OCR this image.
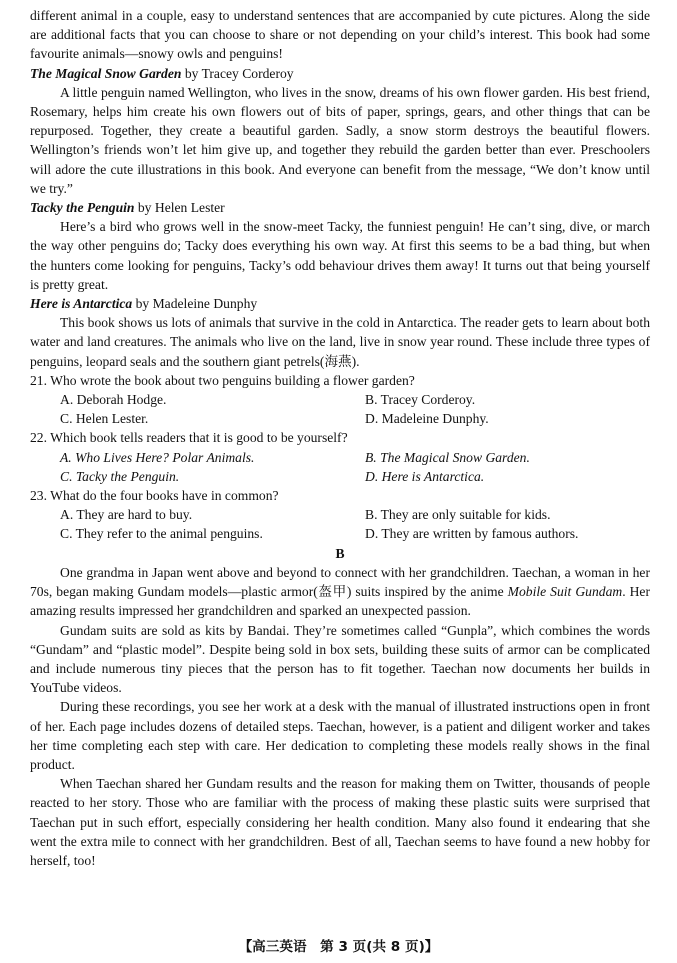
different animal in a couple, easy to understand sentences that are accompanied by cute pictures. Along the side are additional facts that you can choose to share or not depending on your child’s interest. This book had some favourite animals—snowy owls and penguins!

The Magical Snow Garden by Tracey Corderoy

A little penguin named Wellington, who lives in the snow, dreams of his own flower garden. His best friend, Rosemary, helps him create his own flowers out of bits of paper, springs, gears, and other things that can be repurposed. Together, they create a beautiful garden. Sadly, a snow storm destroys the beautiful flowers. Wellington’s friends won’t let him give up, and together they rebuild the garden better than ever. Preschoolers will adore the cute illustrations in this book. And everyone can benefit from the message, “We don’t know until we try.”

Tacky the Penguin by Helen Lester

Here’s a bird who grows well in the snow-meet Tacky, the funniest penguin! He can’t sing, dive, or march the way other penguins do; Tacky does everything his own way. At first this seems to be a bad thing, but when the hunters come looking for penguins, Tacky’s odd behaviour drives them away! It turns out that being yourself is pretty great.

Here is Antarctica by Madeleine Dunphy

This book shows us lots of animals that survive in the cold in Antarctica. The reader gets to learn about both water and land creatures. The animals who live on the land, live in snow year round. These include three types of penguins, leopard seals and the southern giant petrels(海燕).

21. Who wrote the book about two penguins building a flower garden?

A. Deborah Hodge.	B. Tracey Corderoy.
C. Helen Lester.	D. Madeleine Dunphy.

22. Which book tells readers that it is good to be yourself?

A. Who Lives Here? Polar Animals.	B. The Magical Snow Garden.
C. Tacky the Penguin.	D. Here is Antarctica.

23. What do the four books have in common?

A. They are hard to buy.	B. They are only suitable for kids.
C. They refer to the animal penguins.	D. They are written by famous authors.

B

One grandma in Japan went above and beyond to connect with her grandchildren. Taechan, a woman in her 70s, began making Gundam models—plastic armor(盔甲) suits inspired by the anime Mobile Suit Gundam. Her amazing results impressed her grandchildren and sparked an unexpected passion.

Gundam suits are sold as kits by Bandai. They’re sometimes called “Gunpla”, which combines the words “Gundam” and “plastic model”. Despite being sold in box sets, building these suits of armor can be complicated and include numerous tiny pieces that the person has to fit together. Taechan now documents her builds in YouTube videos.

During these recordings, you see her work at a desk with the manual of illustrated instructions open in front of her. Each page includes dozens of detailed steps. Taechan, however, is a patient and diligent worker and takes her time completing each step with care. Her dedication to completing these models really shows in the final product.

When Taechan shared her Gundam results and the reason for making them on Twitter, thousands of people reacted to her story. Those who are familiar with the process of making these plastic suits were surprised that Taechan put in such effort, especially considering her health condition. Many also found it endearing that she went the extra mile to connect with her grandchildren. Best of all, Taechan seems to have found a new hobby for herself, too!

【高三英语　第 3 页(共 8 页)】
